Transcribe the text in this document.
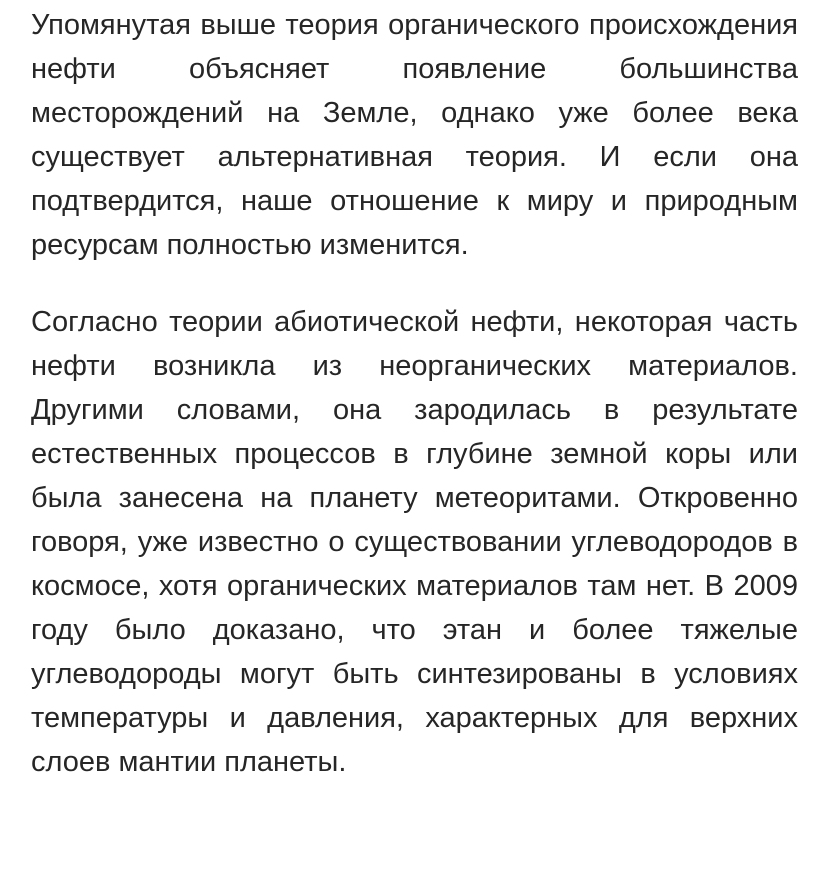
Упомянутая выше теория органического происхождения нефти объясняет появление большинства месторождений на Земле, однако уже более века существует альтернативная теория. И если она подтвердится, наше отношение к миру и природным ресурсам полностью изменится.

Согласно теории абиотической нефти, некоторая часть нефти возникла из неорганических материалов. Другими словами, она зародилась в результате естественных процессов в глубине земной коры или была занесена на планету метеоритами. Откровенно говоря, уже известно о существовании углеводородов в космосе, хотя органических материалов там нет. В 2009 году было доказано, что этан и более тяжелые углеводороды могут быть синтезированы в условиях температуры и давления, характерных для верхних слоев мантии планеты.
